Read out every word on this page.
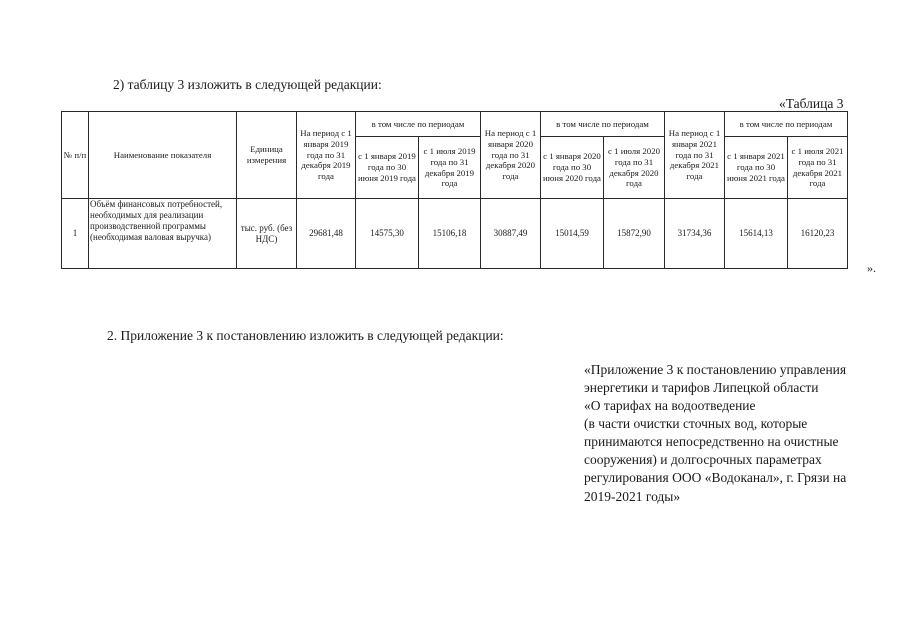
2) таблицу 3 изложить в следующей редакции:
«Таблица 3
№ п/п	Наименование показателя	Единица измерения	На период с 1 января 2019 года по 31 декабря 2019 года	в том числе по периодам		На период с 1 января 2020 года по 31 декабря 2020 года	в том числе по периодам		На период с 1 января 2021 года по 31 декабря 2021 года	в том числе по периодам	
				с 1 января 2019 года по 30 июня 2019 года	с 1 июля 2019 года по 31 декабря 2019 года		с 1 января 2020 года по 30 июня 2020 года	с 1 июля 2020 года по 31 декабря 2020 года		с 1 января 2021 года по 30 июня 2021 года	с 1 июля 2021 года по 31 декабря 2021 года
1	Объём финансовых потребностей, необходимых для реализации производственной программы (необходимая валовая выручка)	тыс. руб. (без НДС)	29681,48	14575,30	15106,18	30887,49	15014,59	15872,90	31734,36	15614,13	16120,23
».
2. Приложение 3 к постановлению изложить в следующей редакции:
«Приложение 3 к постановлению управления
энергетики и тарифов Липецкой области
«О тарифах на водоотведение
(в части очистки сточных вод, которые
принимаются непосредственно на очистные
сооружения) и долгосрочных параметрах
регулирования ООО «Водоканал», г. Грязи на
2019-2021 годы»
